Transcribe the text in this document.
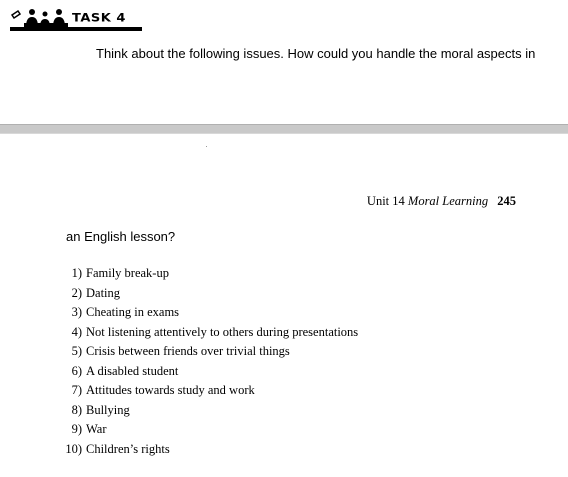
TASK 4
Think about the following issues. How could you handle the moral aspects in
Unit 14 Moral Learning 245
an English lesson?
1) Family break-up
2) Dating
3) Cheating in exams
4) Not listening attentively to others during presentations
5) Crisis between friends over trivial things
6) A disabled student
7) Attitudes towards study and work
8) Bullying
9) War
10) Children’s rights
